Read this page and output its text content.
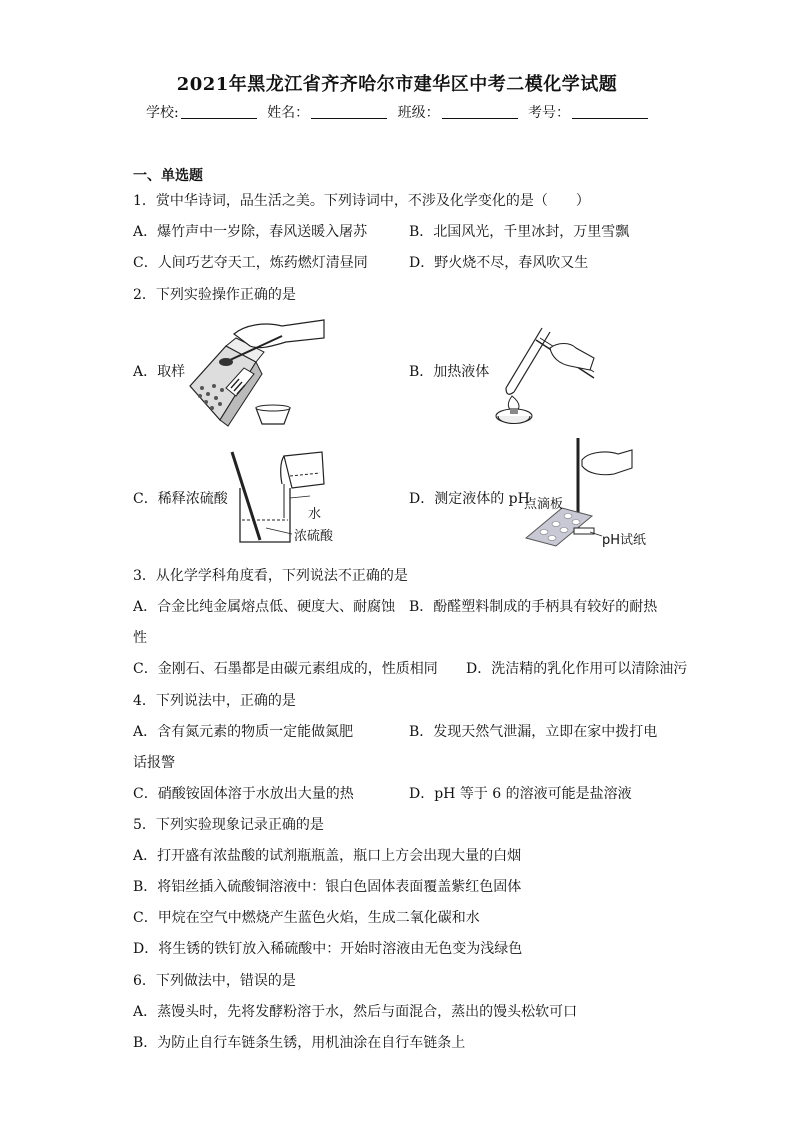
2021年黑龙江省齐齐哈尔市建华区中考二模化学试题
学校:	姓名：	班级：	考号：
一、单选题
1．赏中华诗词，品生活之美。下列诗词中，不涉及化学变化的是（　　）
A．爆竹声中一岁除，春风送暖入屠苏	B．北国风光，千里冰封，万里雪飘
C．人间巧艺夺天工，炼药燃灯清昼同	D．野火烧不尽，春风吹又生
2．下列实验操作正确的是
A．取样	B．加热液体
C．稀释浓硫酸	D．测定液体的 pH
水
浓硫酸
点滴板
pH试纸
3．从化学学科角度看，下列说法不正确的是
A．合金比纯金属熔点低、硬度大、耐腐蚀 B．酚醛塑料制成的手柄具有较好的耐热
性
C．金刚石、石墨都是由碳元素组成的，性质相同 D．洗洁精的乳化作用可以清除油污
4．下列说法中，正确的是
A．含有氮元素的物质一定能做氮肥	B．发现天然气泄漏，立即在家中拨打电
话报警
C．硝酸铵固体溶于水放出大量的热	D．pH 等于 6 的溶液可能是盐溶液
5．下列实验现象记录正确的是
A．打开盛有浓盐酸的试剂瓶瓶盖，瓶口上方会出现大量的白烟
B．将铝丝插入硫酸铜溶液中：银白色固体表面覆盖紫红色固体
C．甲烷在空气中燃烧产生蓝色火焰，生成二氧化碳和水
D．将生锈的铁钉放入稀硫酸中：开始时溶液由无色变为浅绿色
6．下列做法中，错误的是
A．蒸馒头时，先将发酵粉溶于水，然后与面混合，蒸出的馒头松软可口
B．为防止自行车链条生锈，用机油涂在自行车链条上
